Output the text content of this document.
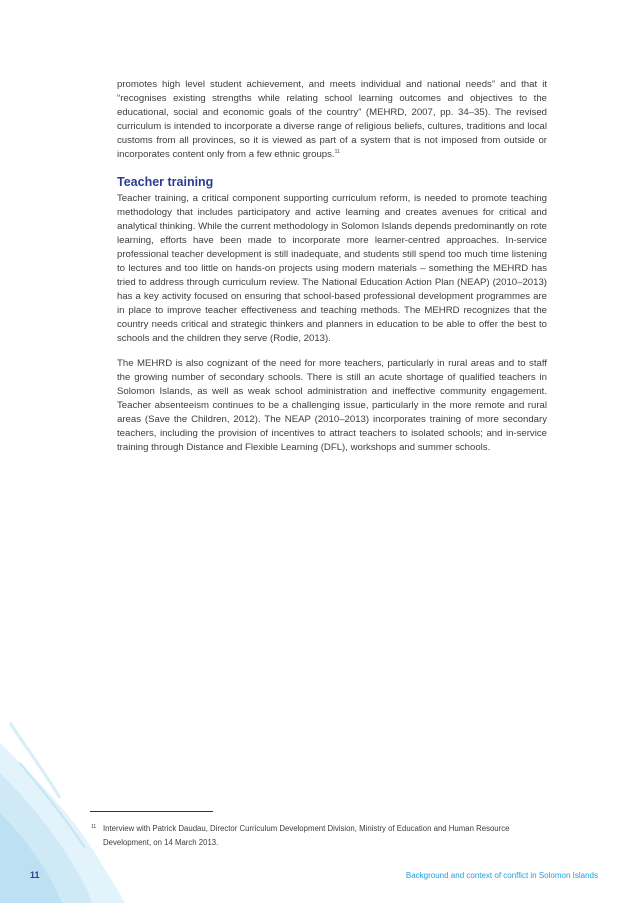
promotes high level student achievement, and meets individual and national needs” and that it “recognises existing strengths while relating school learning outcomes and objectives to the educational, social and economic goals of the country” (MEHRD, 2007, pp. 34–35). The revised curriculum is intended to incorporate a diverse range of religious beliefs, cultures, traditions and local customs from all provinces, so it is viewed as part of a system that is not imposed from outside or incorporates content only from a few ethnic groups.$^{11}$

Teacher training

Teacher training, a critical component supporting curriculum reform, is needed to promote teaching methodology that includes participatory and active learning and creates avenues for critical and analytical thinking. While the current methodology in Solomon Islands depends predominantly on rote learning, efforts have been made to incorporate more learner-centred approaches. In-service professional teacher development is still inadequate, and students still spend too much time listening to lectures and too little on hands-on projects using modern materials – something the MEHRD has tried to address through curriculum review. The National Education Action Plan (NEAP) (2010–2013) has a key activity focused on ensuring that school-based professional development programmes are in place to improve teacher effectiveness and teaching methods. The MEHRD recognizes that the country needs critical and strategic thinkers and planners in education to be able to offer the best to schools and the children they serve (Rodie, 2013).

The MEHRD is also cognizant of the need for more teachers, particularly in rural areas and to staff the growing number of secondary schools. There is still an acute shortage of qualified teachers in Solomon Islands, as well as weak school administration and ineffective community engagement. Teacher absenteeism continues to be a challenging issue, particularly in the more remote and rural areas (Save the Children, 2012). The NEAP (2010–2013) incorporates training of more secondary teachers, including the provision of incentives to attract teachers to isolated schools; and in-service training through Distance and Flexible Learning (DFL), workshops and summer schools.

11 Interview with Patrick Daudau, Director Curriculum Development Division, Ministry of Education and Human Resource Development, on 14 March 2013.
11	Background and context of conflict in Solomon Islands
